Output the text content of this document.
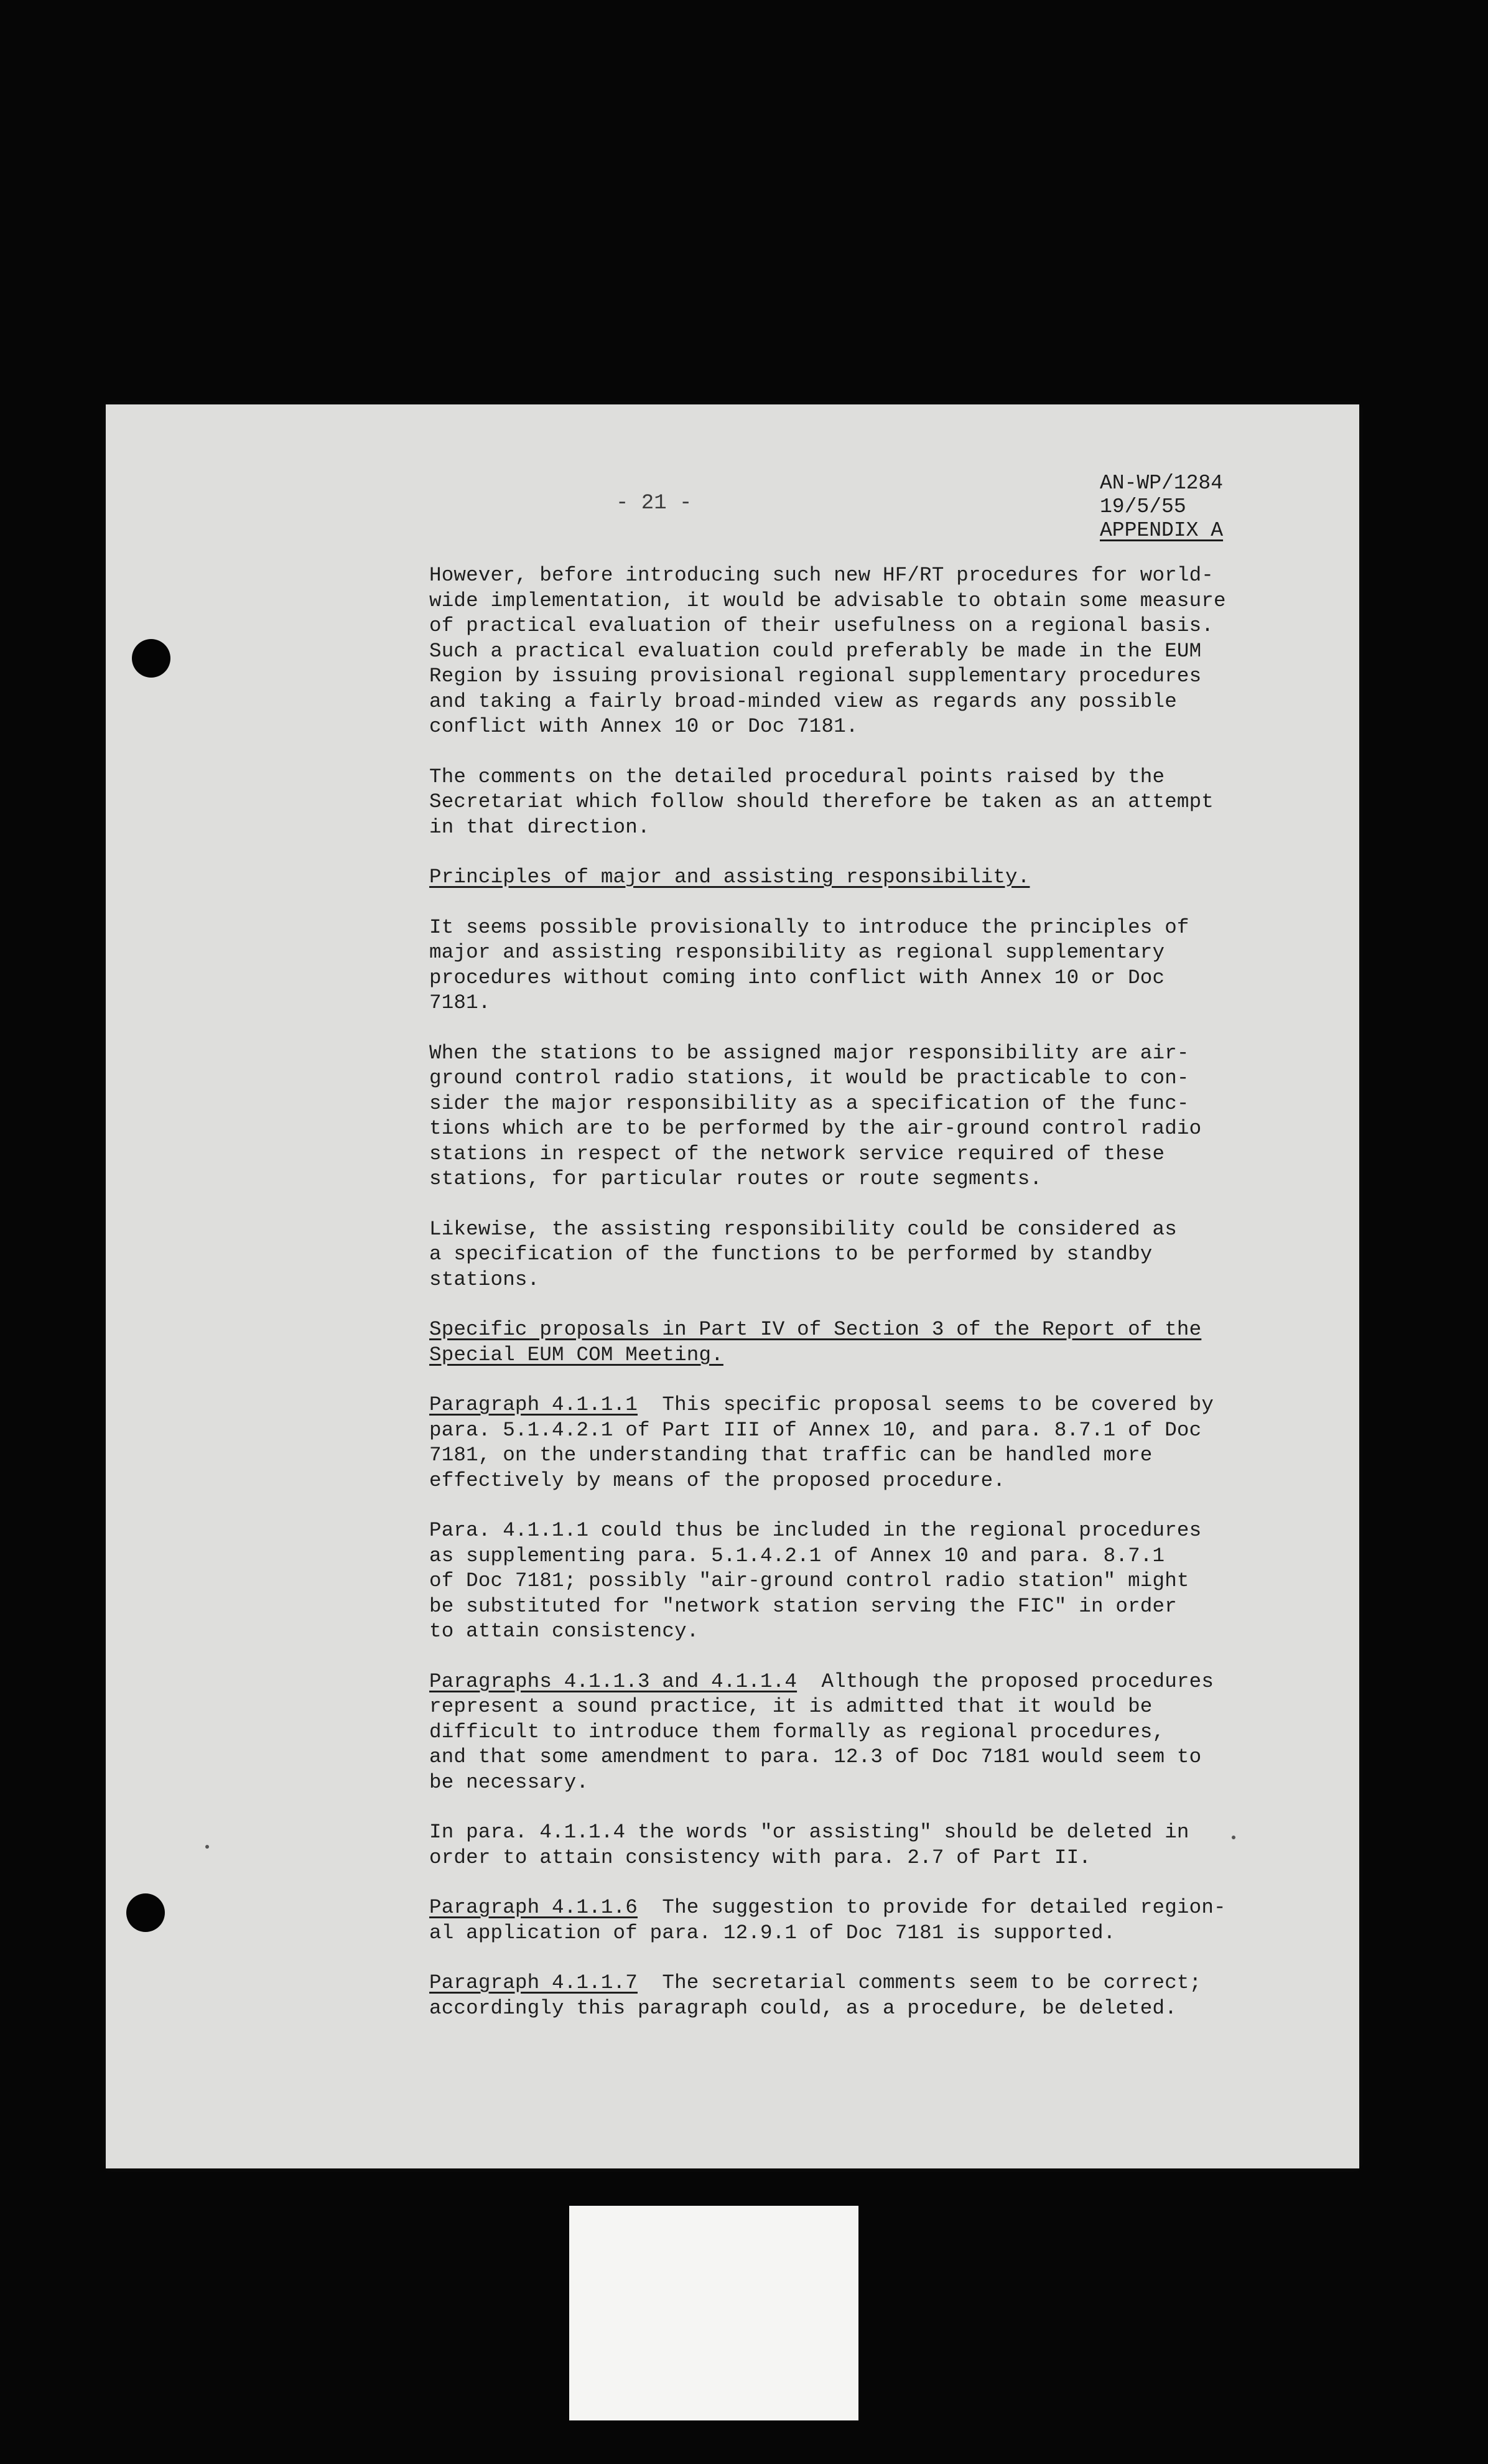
- 21 -
AN-WP/1284
19/5/55
APPENDIX A

However, before introducing such new HF/RT procedures for world-
wide implementation, it would be advisable to obtain some measure
of practical evaluation of their usefulness on a regional basis.
Such a practical evaluation could preferably be made in the EUM
Region by issuing provisional regional supplementary procedures
and taking a fairly broad-minded view as regards any possible
conflict with Annex 10 or Doc 7181.

The comments on the detailed procedural points raised by the
Secretariat which follow should therefore be taken as an attempt
in that direction.

Principles of major and assisting responsibility.

It seems possible provisionally to introduce the principles of
major and assisting responsibility as regional supplementary
procedures without coming into conflict with Annex 10 or Doc
7181.

When the stations to be assigned major responsibility are air-
ground control radio stations, it would be practicable to con-
sider the major responsibility as a specification of the func-
tions which are to be performed by the air-ground control radio
stations in respect of the network service required of these
stations, for particular routes or route segments.

Likewise, the assisting responsibility could be considered as
a specification of the functions to be performed by standby
stations.

Specific proposals in Part IV of Section 3 of the Report of the
Special EUM COM Meeting.

Paragraph 4.1.1.1  This specific proposal seems to be covered by
para. 5.1.4.2.1 of Part III of Annex 10, and para. 8.7.1 of Doc
7181, on the understanding that traffic can be handled more
effectively by means of the proposed procedure.

Para. 4.1.1.1 could thus be included in the regional procedures
as supplementing para. 5.1.4.2.1 of Annex 10 and para. 8.7.1
of Doc 7181; possibly "air-ground control radio station" might
be substituted for "network station serving the FIC" in order
to attain consistency.

Paragraphs 4.1.1.3 and 4.1.1.4  Although the proposed procedures
represent a sound practice, it is admitted that it would be
difficult to introduce them formally as regional procedures,
and that some amendment to para. 12.3 of Doc 7181 would seem to
be necessary.

In para. 4.1.1.4 the words "or assisting" should be deleted in
order to attain consistency with para. 2.7 of Part II.

Paragraph 4.1.1.6  The suggestion to provide for detailed region-
al application of para. 12.9.1 of Doc 7181 is supported.

Paragraph 4.1.1.7  The secretarial comments seem to be correct;
accordingly this paragraph could, as a procedure, be deleted.
